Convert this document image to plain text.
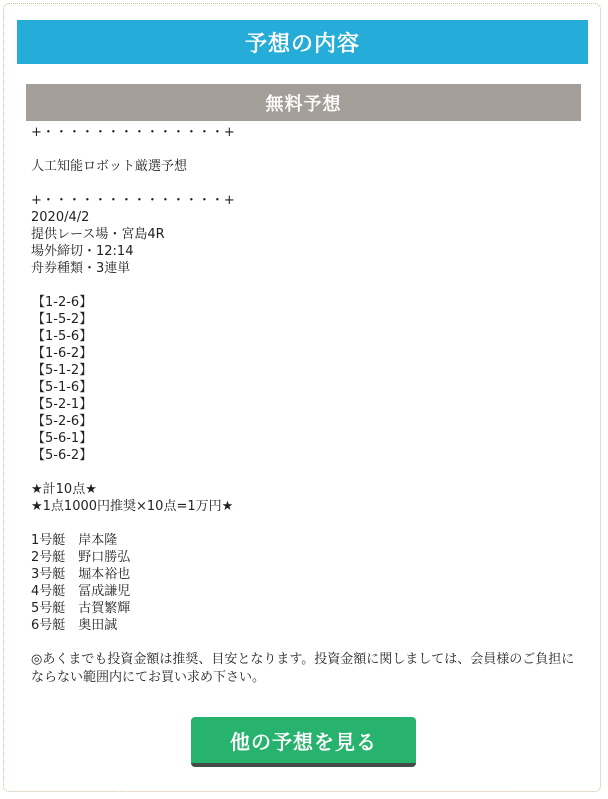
予想の内容
無料予想
+・・・・・・・・・・・・・・+
人工知能ロボット厳選予想
+・・・・・・・・・・・・・・+
2020/4/2
提供レース場・宮島4R
場外締切・12:14
舟券種類・3連単
【1-2-6】
【1-5-2】
【1-5-6】
【1-6-2】
【5-1-2】
【5-1-6】
【5-2-1】
【5-2-6】
【5-6-1】
【5-6-2】
★計10点★
★1点1000円推奨×10点=1万円★
1号艇　 岸本隆
2号艇　 野口勝弘
3号艇　 堀本裕也
4号艇　 冨成謙児
5号艇　 古賀繁輝
6号艇　 奥田誠
◎あくまでも投資金額は推奨、目安となります。投資金額に関しましては、会員様のご負担にならない範囲内にてお買い求め下さい。
他の予想を見る
